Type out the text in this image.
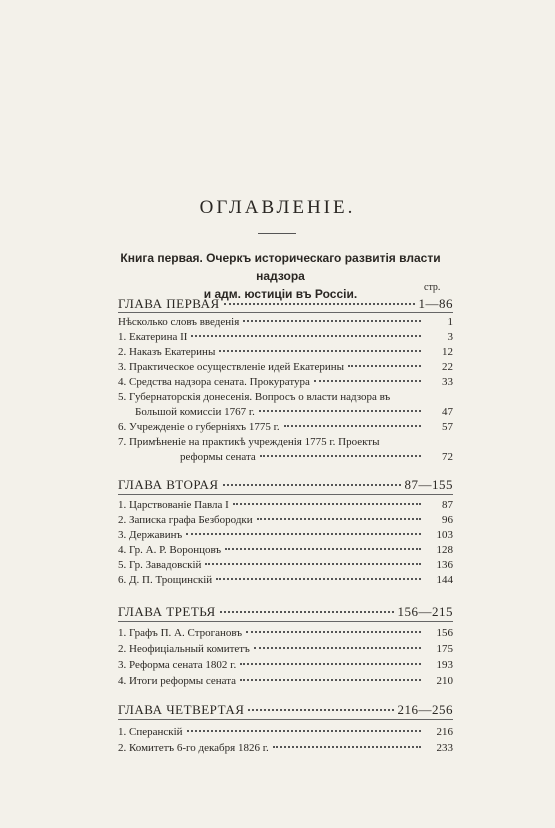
ОГЛАВЛЕНIЕ.
Книга первая. Очеркъ историческаго развитiя власти надзора
и адм. юстицiи въ Россiи.	стр.
ГЛАВА ПЕРВАЯ	1—86
Нѣсколько словъ введенiя	1
1. Екатерина II	3
2. Наказъ Екатерины	12
3. Практическое осуществленiе идей Екатерины	22
4. Средства надзора сената. Прокуратура	33
5. Губернаторскiя донесенiя. Вопросъ о власти надзора въ
Большой комиссiи 1767 г.	47
6. Учрежденiе о губернiяхъ 1775 г.	57
7. Примѣненiе на практикѣ учрежденiя 1775 г. Проекты
реформы сената	72
ГЛАВА ВТОРАЯ	87—155
1. Царствованiе Павла I	87
2. Записка графа Безбородки	96
3. Державинъ	103
4. Гр. А. Р. Воронцовъ	128
5. Гр. Завадовскiй	136
6. Д. П. Трощинскiй	144
ГЛАВА ТРЕТЬЯ	156—215
1. Графъ П. А. Строгановъ	156
2. Неофицiальный комитетъ	175
3. Реформа сената 1802 г.	193
4. Итоги реформы сената	210
ГЛАВА ЧЕТВЕРТАЯ	216—256
1. Сперанскiй	216
2. Комитетъ 6-го декабря 1826 г.	233
